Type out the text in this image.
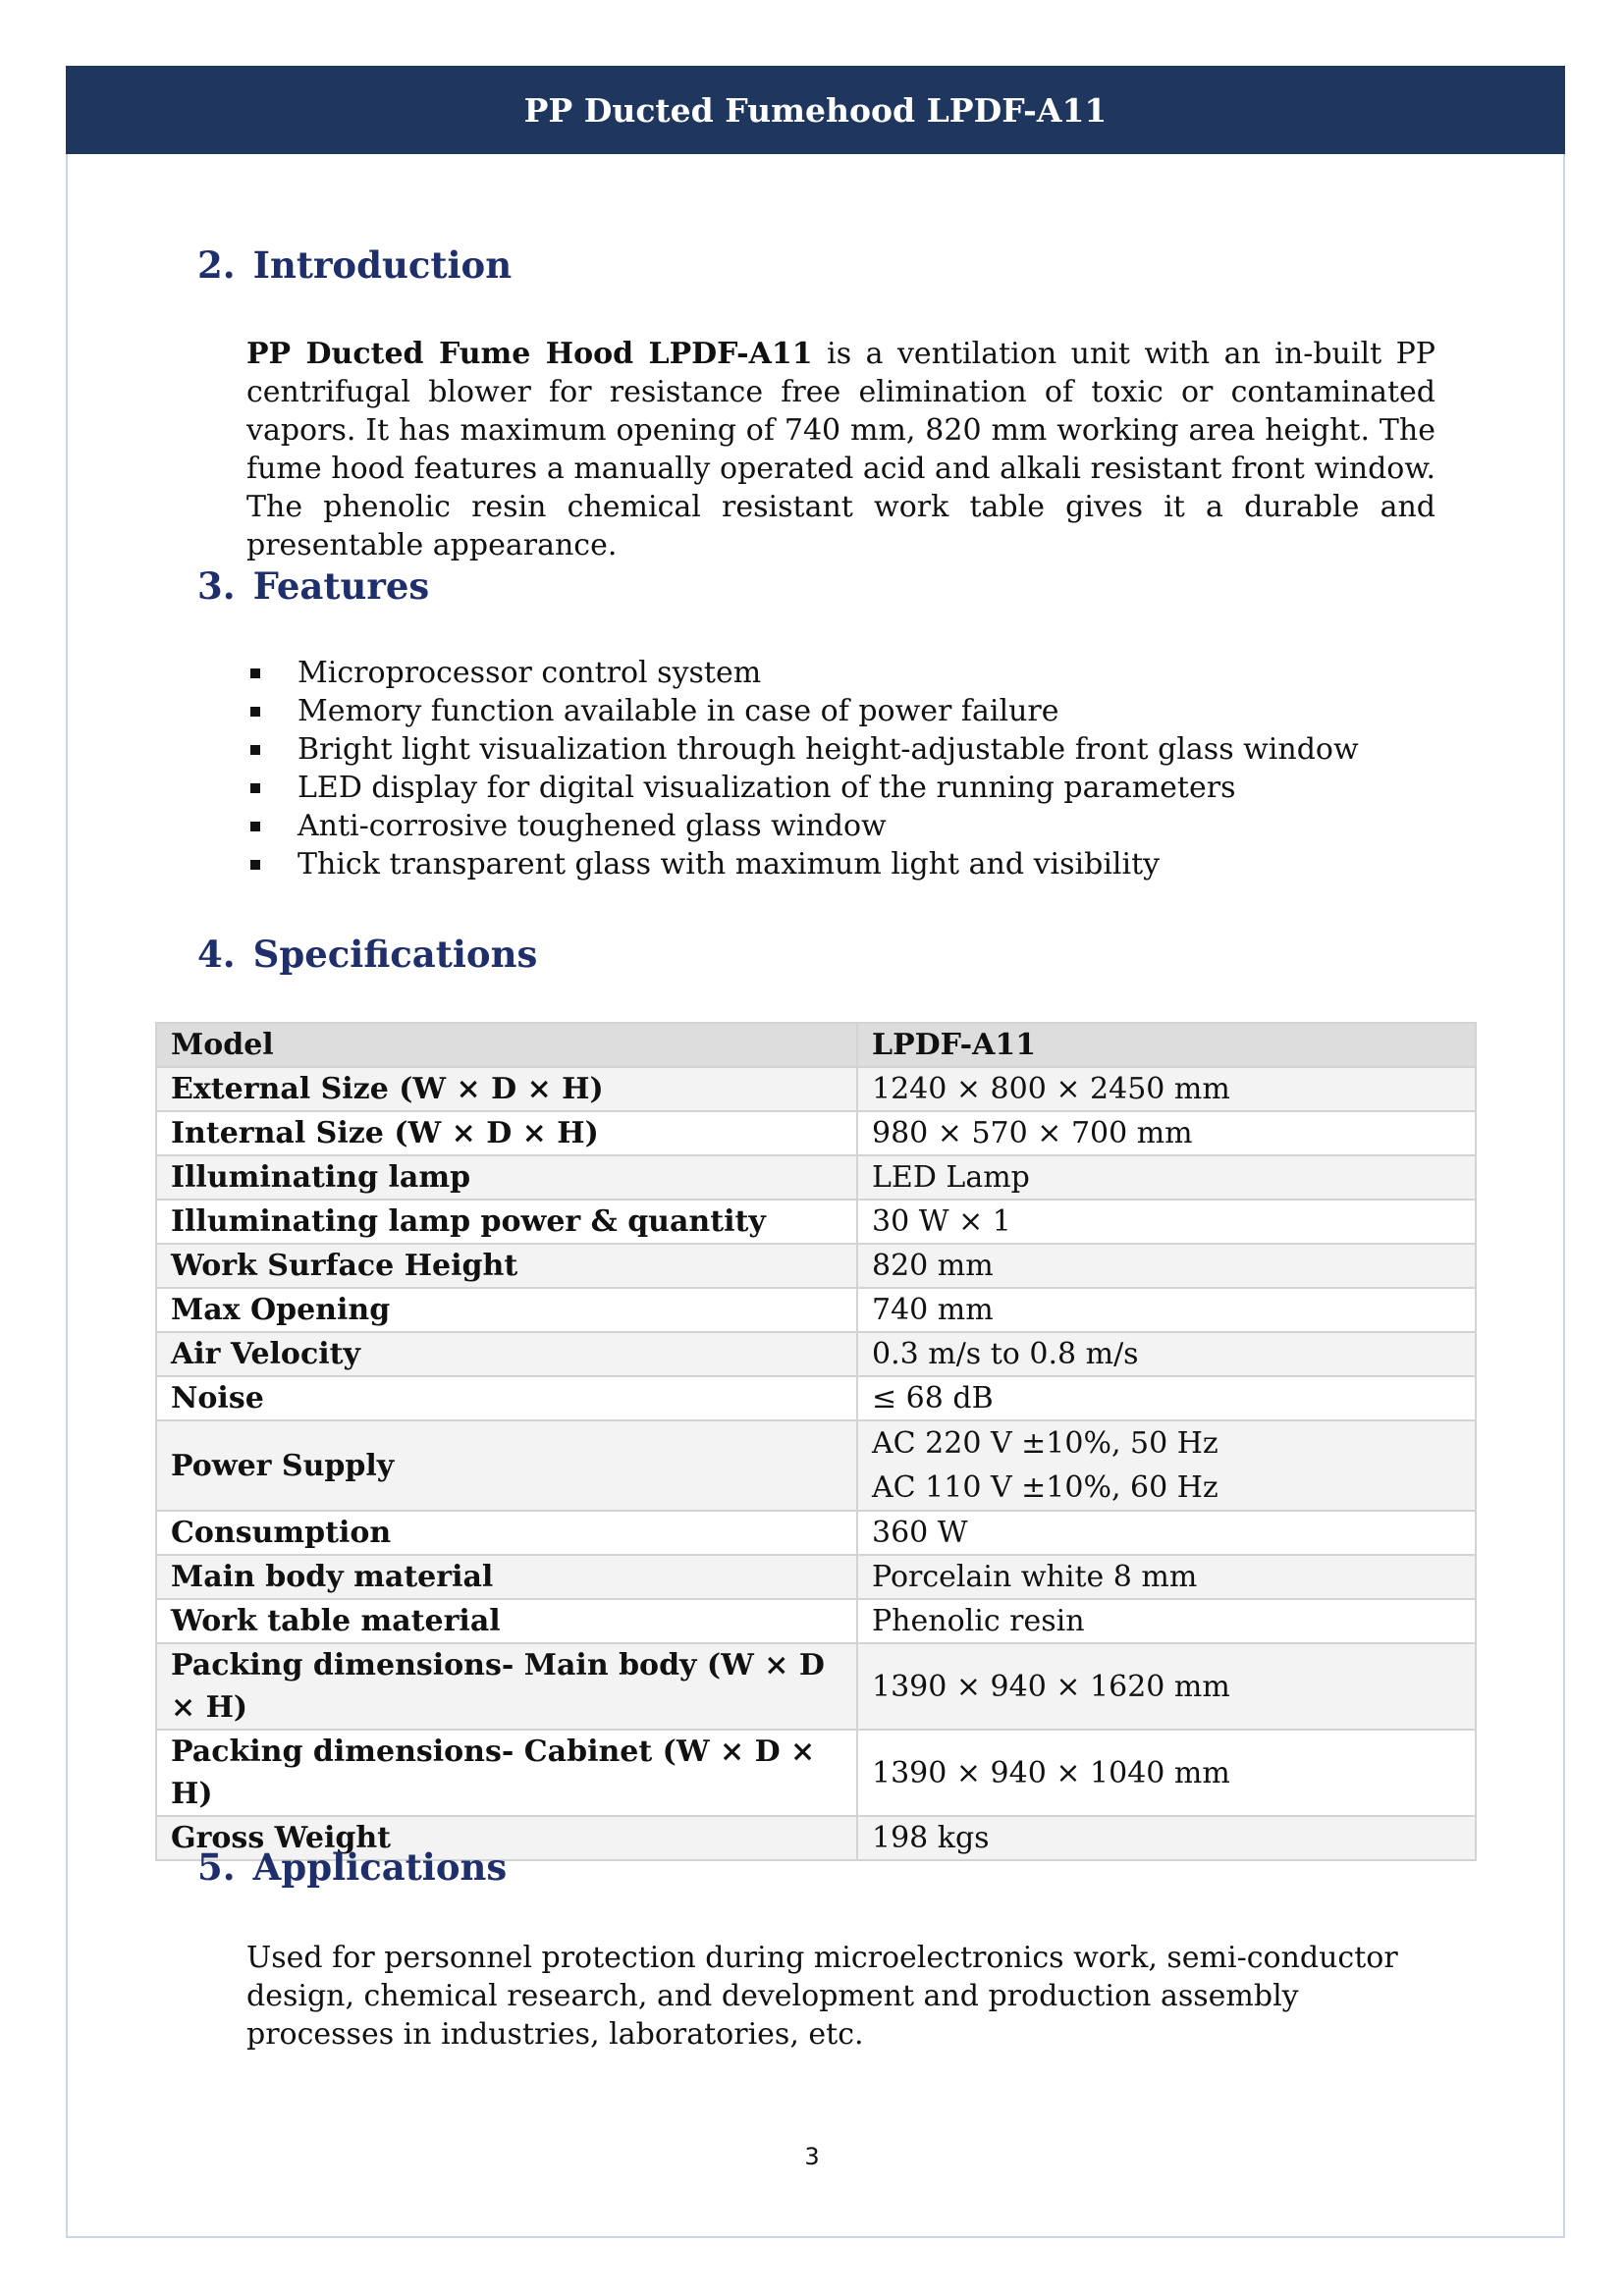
PP Ducted Fumehood LPDF-A11
2. Introduction

PP Ducted Fume Hood LPDF-A11 is a ventilation unit with an in-built PP centrifugal blower for resistance free elimination of toxic or contaminated vapors. It has maximum opening of 740 mm, 820 mm working area height. The fume hood features a manually operated acid and alkali resistant front window. The phenolic resin chemical resistant work table gives it a durable and presentable appearance.

3. Features
Microprocessor control system
Memory function available in case of power failure
Bright light visualization through height-adjustable front glass window
LED display for digital visualization of the running parameters
Anti-corrosive toughened glass window
Thick transparent glass with maximum light and visibility
4. Specifications
Model	LPDF-A11
External Size (W × D × H)	1240 × 800 × 2450 mm
Internal Size (W × D × H)	980 × 570 × 700 mm
Illuminating lamp	LED Lamp
Illuminating lamp power & quantity	30 W × 1
Work Surface Height	820 mm
Max Opening	740 mm
Air Velocity	0.3 m/s to 0.8 m/s
Noise	≤ 68 dB
Power Supply	AC 220 V ±10%, 50 Hz
AC 110 V ±10%, 60 Hz

Consumption	360 W
Main body material	Porcelain white 8 mm
Work table material	Phenolic resin
Packing dimensions- Main body (W × D × H)	1390 × 940 × 1620 mm
Packing dimensions- Cabinet (W × D × H)	1390 × 940 × 1040 mm
Gross Weight	198 kgs
5. Applications

Used for personnel protection during microelectronics work, semi-conductor design, chemical research, and development and production assembly processes in industries, laboratories, etc.

3
